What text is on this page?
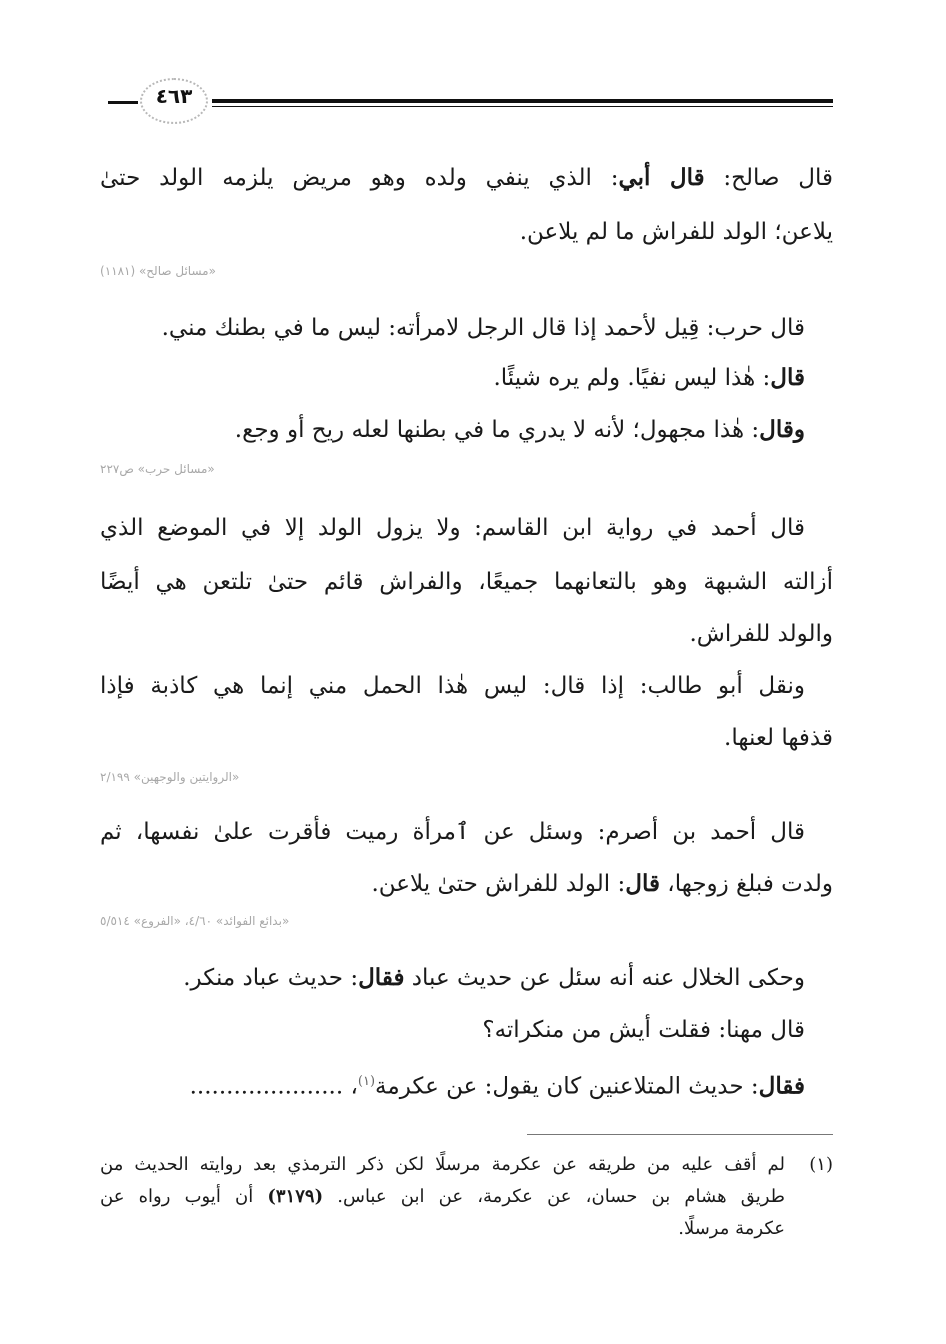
٤٦٣
قال صالح: قال أبي: الذي ينفي ولده وهو مريض يلزمه الولد حتىٰ
يلاعن؛ الولد للفراش ما لم يلاعن.
«مسائل صالح» (١١٨١)
قال حرب: قِيل لأحمد إذا قال الرجل لامرأته: ليس ما في بطنك مني.
قال: هٰذا ليس نفيًا. ولم يره شيئًا.
وقال: هٰذا مجهول؛ لأنه لا يدري ما في بطنها لعله ريح أو وجع.
«مسائل حرب» ص٢٢٧
قال أحمد في رواية ابن القاسم: ولا يزول الولد إلا في الموضع الذي
أزالته الشبهة وهو بالتعانهما جميعًا، والفراش قائم حتىٰ تلتعن هي أيضًا
والولد للفراش.
ونقل أبو طالب: إذا قال: ليس هٰذا الحمل مني إنما هي كاذبة فإذا
قذفها لعنها.
«الروايتين والوجهين» ٢/١٩٩
قال أحمد بن أصرم: وسئل عن ٱمرأة رميت فأقرت علىٰ نفسها، ثم
ولدت فبلغ زوجها، قال: الولد للفراش حتىٰ يلاعن.
«بدائع الفوائد» ٤/٦٠، «الفروع» ٥/٥١٤
وحكى الخلال عنه أنه سئل عن حديث عباد فقال: حديث عباد منكر.
قال مهنا: فقلت أيش من منكراته؟
فقال: حديث المتلاعنين كان يقول: عن عكرمة$^{(١)}$، .....................
(١)
لم أقف عليه من طريقه عن عكرمة مرسلًا لكن ذكر الترمذي بعد روايته الحديث من
طريق هشام بن حسان، عن عكرمة، عن ابن عباس. (٣١٧٩) أن أيوب رواه عن
عكرمة مرسلًا.
